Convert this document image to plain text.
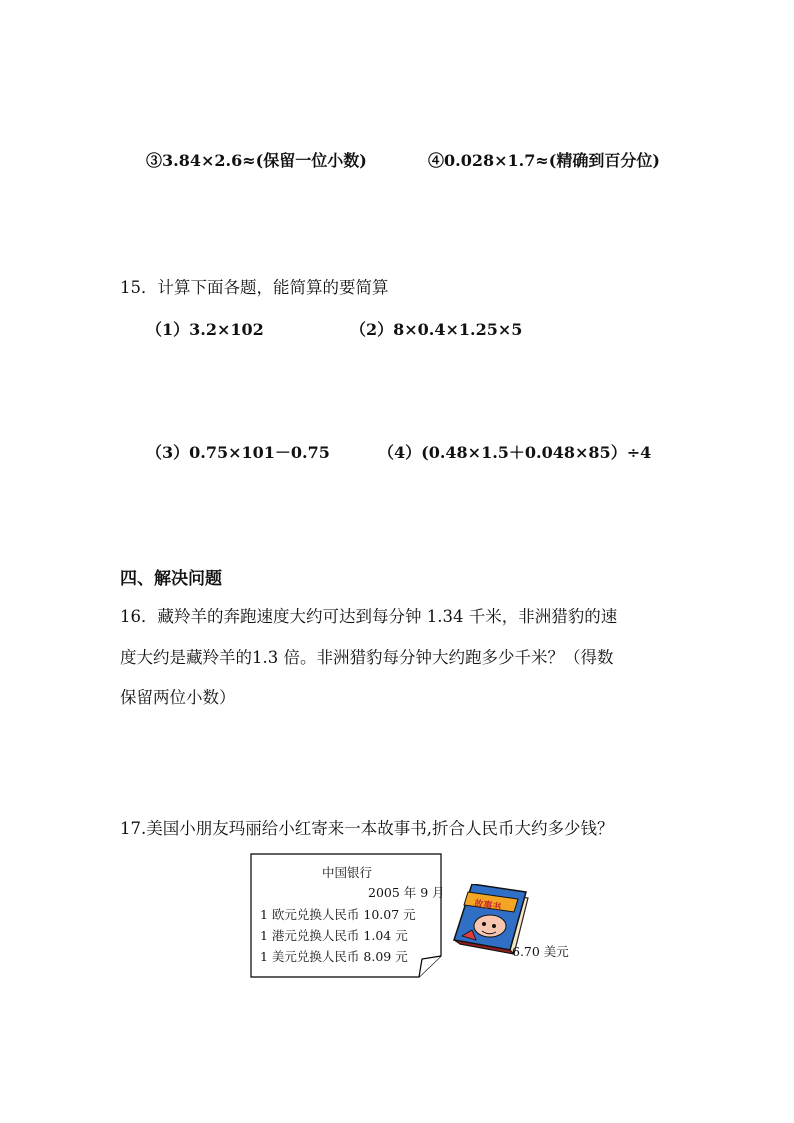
③3.84×2.6≈(保留一位小数)	④0.028×1.7≈(精确到百分位)
15．计算下面各题，能简算的要简算
（1）3.2×102	（2）8×0.4×1.25×5
（3）0.75×101－0.75	（4）(0.48×1.5＋0.048×85）÷4
四、解决问题
16．藏羚羊的奔跑速度大约可达到每分钟 1.34 千米，非洲猎豹的速
度大约是藏羚羊的1.3 倍。非洲猎豹每分钟大约跑多少千米？（得数
保留两位小数）
17.美国小朋友玛丽给小红寄来一本故事书,折合人民币大约多少钱？
中国银行
2005 年 9 月
1 欧元兑换人民币 10.07 元
1 港元兑换人民币 1.04 元
1 美元兑换人民币 8.09 元
故事书
6.70 美元
